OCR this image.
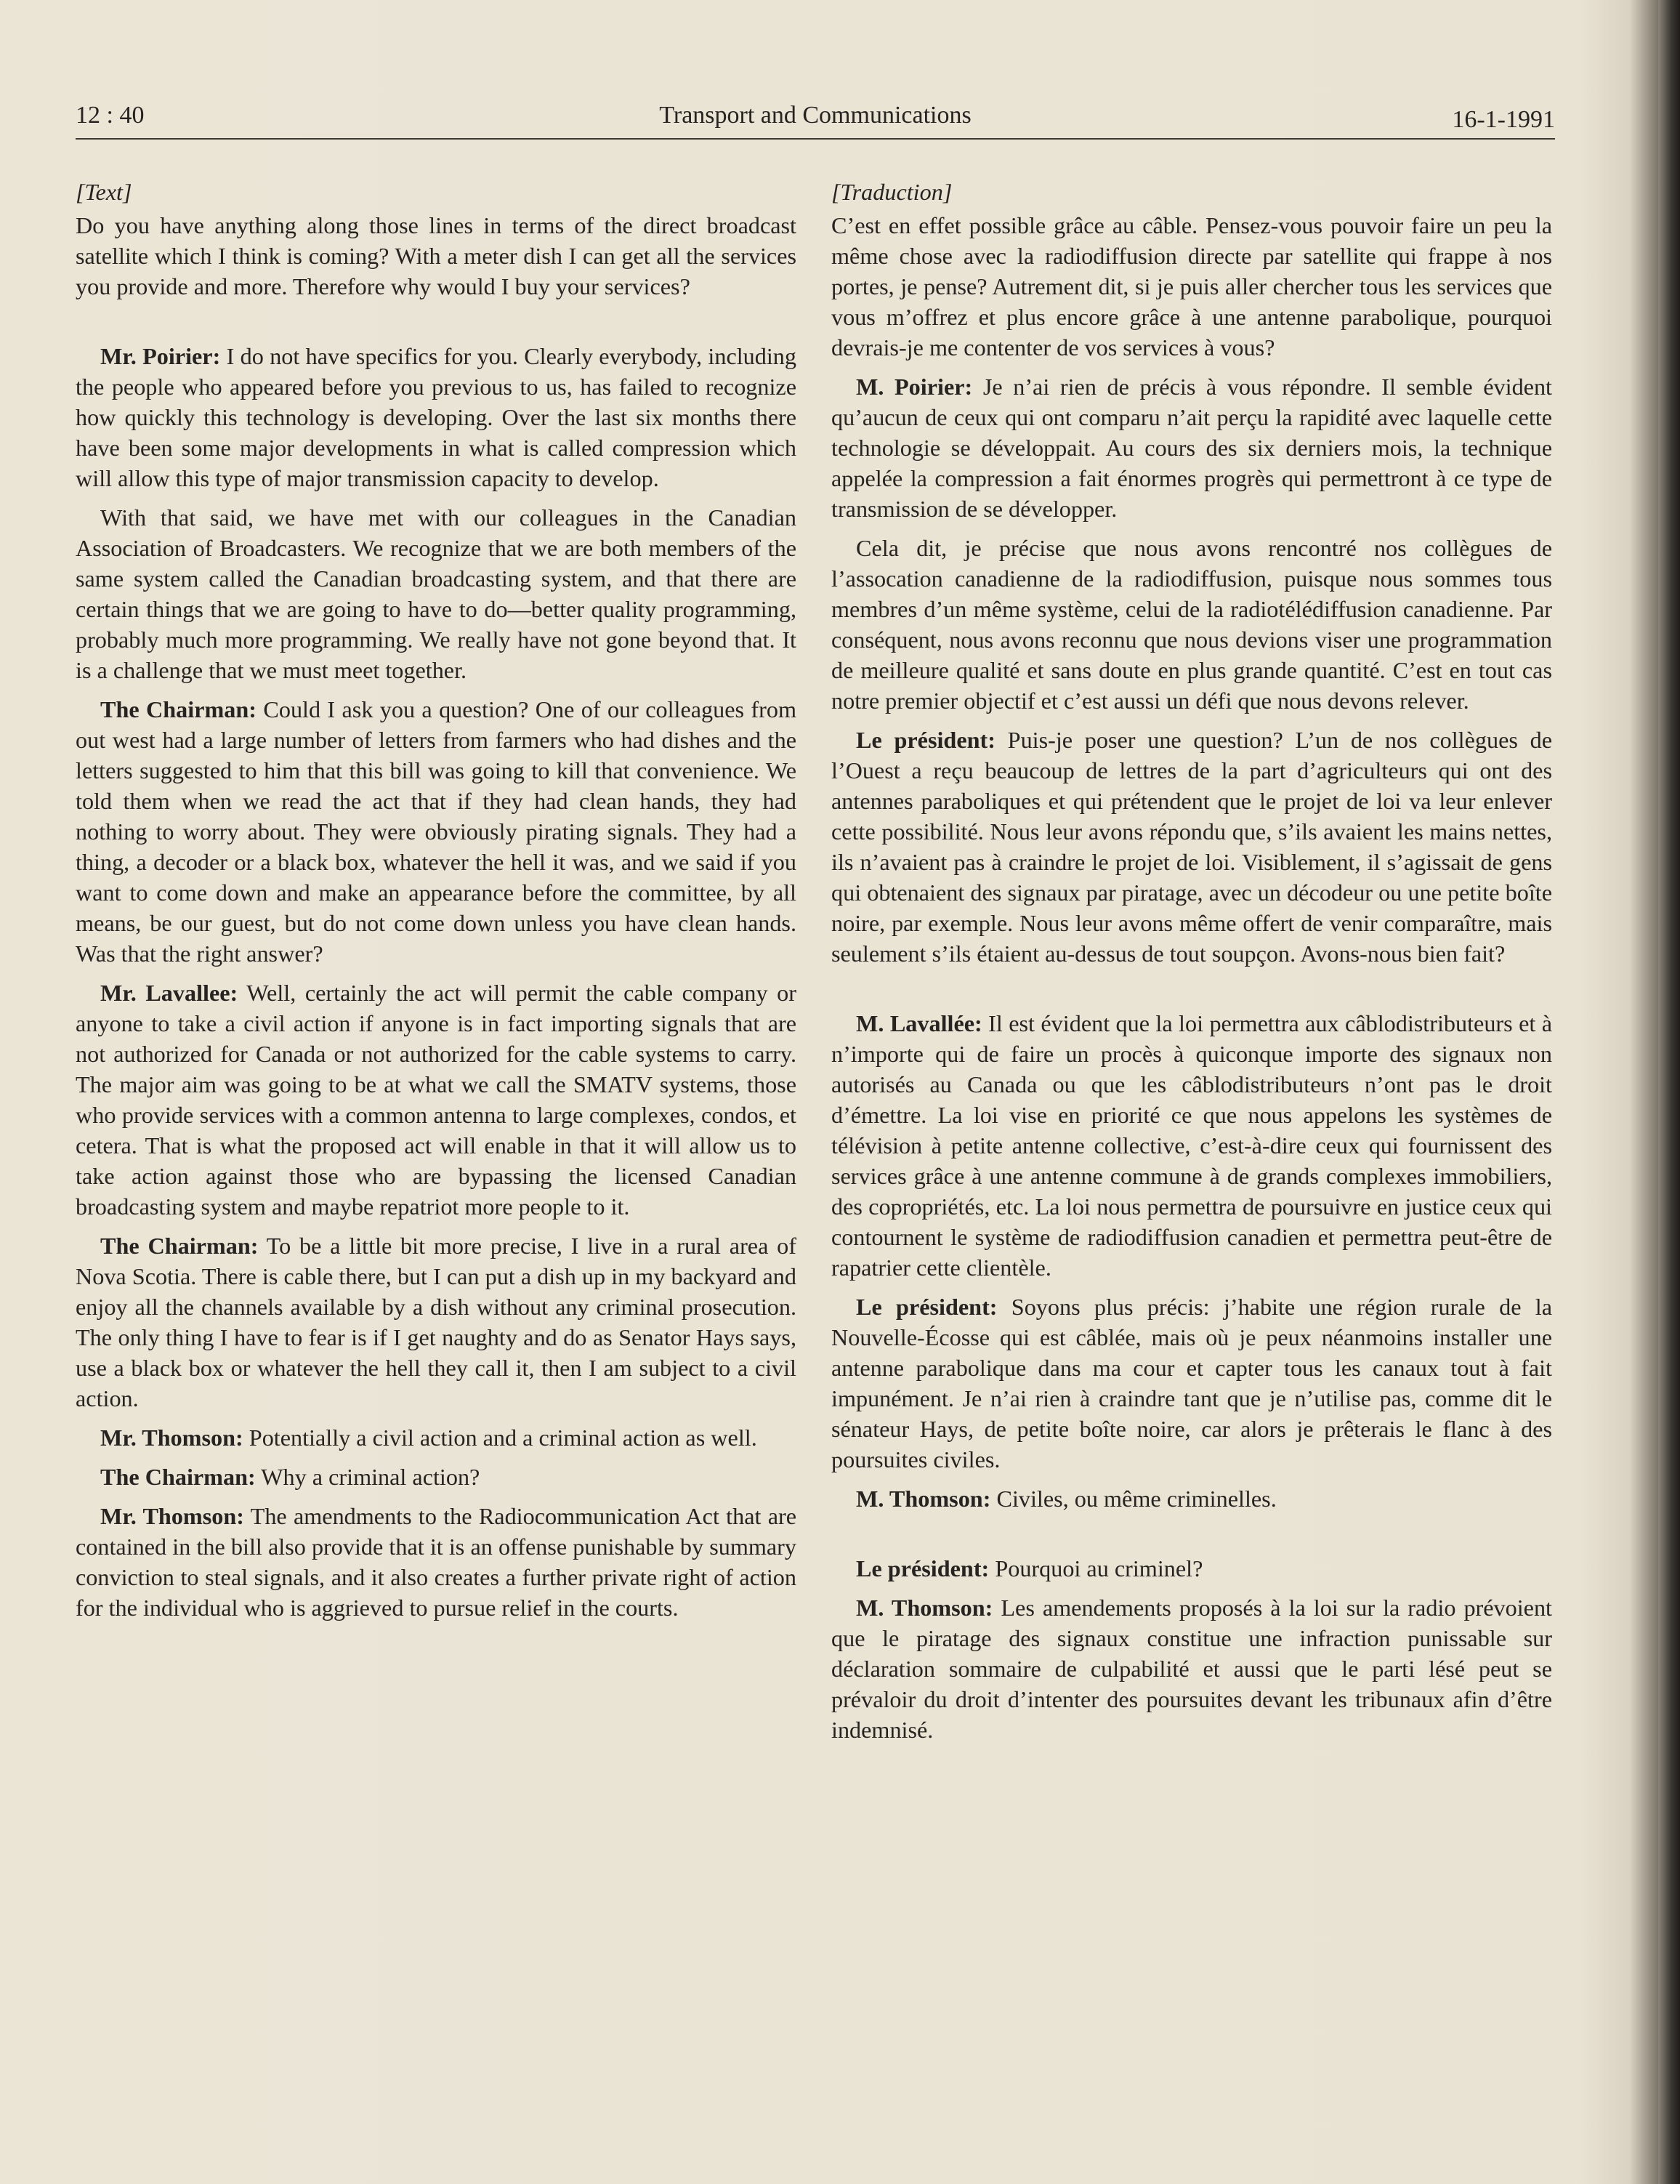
12 : 40	Transport and Communications	16-1-1991

[Text]

Do you have anything along those lines in terms of the direct broadcast satellite which I think is coming? With a meter dish I can get all the services you provide and more. Therefore why would I buy your services?

Mr. Poirier: I do not have specifics for you. Clearly everybody, including the people who appeared before you previous to us, has failed to recognize how quickly this technology is developing. Over the last six months there have been some major developments in what is called compression which will allow this type of major transmission capacity to develop.

With that said, we have met with our colleagues in the Canadian Association of Broadcasters. We recognize that we are both members of the same system called the Canadian broadcasting system, and that there are certain things that we are going to have to do—better quality programming, probably much more programming. We really have not gone beyond that. It is a challenge that we must meet together.

The Chairman: Could I ask you a question? One of our colleagues from out west had a large number of letters from farmers who had dishes and the letters suggested to him that this bill was going to kill that convenience. We told them when we read the act that if they had clean hands, they had nothing to worry about. They were obviously pirating signals. They had a thing, a decoder or a black box, whatever the hell it was, and we said if you want to come down and make an appearance before the committee, by all means, be our guest, but do not come down unless you have clean hands. Was that the right answer?

Mr. Lavallee: Well, certainly the act will permit the cable company or anyone to take a civil action if anyone is in fact importing signals that are not authorized for Canada or not authorized for the cable systems to carry. The major aim was going to be at what we call the SMATV systems, those who provide services with a common antenna to large complexes, condos, et cetera. That is what the proposed act will enable in that it will allow us to take action against those who are bypassing the licensed Canadian broadcasting system and maybe repatriot more people to it.

The Chairman: To be a little bit more precise, I live in a rural area of Nova Scotia. There is cable there, but I can put a dish up in my backyard and enjoy all the channels available by a dish without any criminal prosecution. The only thing I have to fear is if I get naughty and do as Senator Hays says, use a black box or whatever the hell they call it, then I am subject to a civil action.

Mr. Thomson: Potentially a civil action and a criminal action as well.

The Chairman: Why a criminal action?

Mr. Thomson: The amendments to the Radiocommunication Act that are contained in the bill also provide that it is an offense punishable by summary conviction to steal signals, and it also creates a further private right of action for the individual who is aggrieved to pursue relief in the courts.

[Traduction]

C’est en effet possible grâce au câble. Pensez-vous pouvoir faire un peu la même chose avec la radiodiffusion directe par satellite qui frappe à nos portes, je pense? Autrement dit, si je puis aller chercher tous les services que vous m’offrez et plus encore grâce à une antenne parabolique, pourquoi devrais-je me contenter de vos services à vous?

M. Poirier: Je n’ai rien de précis à vous répondre. Il semble évident qu’aucun de ceux qui ont comparu n’ait perçu la rapidité avec laquelle cette technologie se développait. Au cours des six derniers mois, la technique appelée la compression a fait énormes progrès qui permettront à ce type de transmission de se développer.

Cela dit, je précise que nous avons rencontré nos collègues de l’assocation canadienne de la radiodiffusion, puisque nous sommes tous membres d’un même système, celui de la radiotélédiffusion canadienne. Par conséquent, nous avons reconnu que nous devions viser une programmation de meilleure qualité et sans doute en plus grande quantité. C’est en tout cas notre premier objectif et c’est aussi un défi que nous devons relever.

Le président: Puis-je poser une question? L’un de nos collègues de l’Ouest a reçu beaucoup de lettres de la part d’agriculteurs qui ont des antennes paraboliques et qui prétendent que le projet de loi va leur enlever cette possibilité. Nous leur avons répondu que, s’ils avaient les mains nettes, ils n’avaient pas à craindre le projet de loi. Visiblement, il s’agissait de gens qui obtenaient des signaux par piratage, avec un décodeur ou une petite boîte noire, par exemple. Nous leur avons même offert de venir comparaître, mais seulement s’ils étaient au-dessus de tout soupçon. Avons-nous bien fait?

M. Lavallée: Il est évident que la loi permettra aux câblodistributeurs et à n’importe qui de faire un procès à quiconque importe des signaux non autorisés au Canada ou que les câblodistributeurs n’ont pas le droit d’émettre. La loi vise en priorité ce que nous appelons les systèmes de télévision à petite antenne collective, c’est-à-dire ceux qui fournissent des services grâce à une antenne commune à de grands complexes immobiliers, des copropriétés, etc. La loi nous permettra de poursuivre en justice ceux qui contournent le système de radiodiffusion canadien et permettra peut-être de rapatrier cette clientèle.

Le président: Soyons plus précis: j’habite une région rurale de la Nouvelle-Écosse qui est câblée, mais où je peux néanmoins installer une antenne parabolique dans ma cour et capter tous les canaux tout à fait impunément. Je n’ai rien à craindre tant que je n’utilise pas, comme dit le sénateur Hays, de petite boîte noire, car alors je prêterais le flanc à des poursuites civiles.

M. Thomson: Civiles, ou même criminelles.

Le président: Pourquoi au criminel?

M. Thomson: Les amendements proposés à la loi sur la radio prévoient que le piratage des signaux constitue une infraction punissable sur déclaration sommaire de culpabilité et aussi que le parti lésé peut se prévaloir du droit d’intenter des poursuites devant les tribunaux afin d’être indemnisé.
